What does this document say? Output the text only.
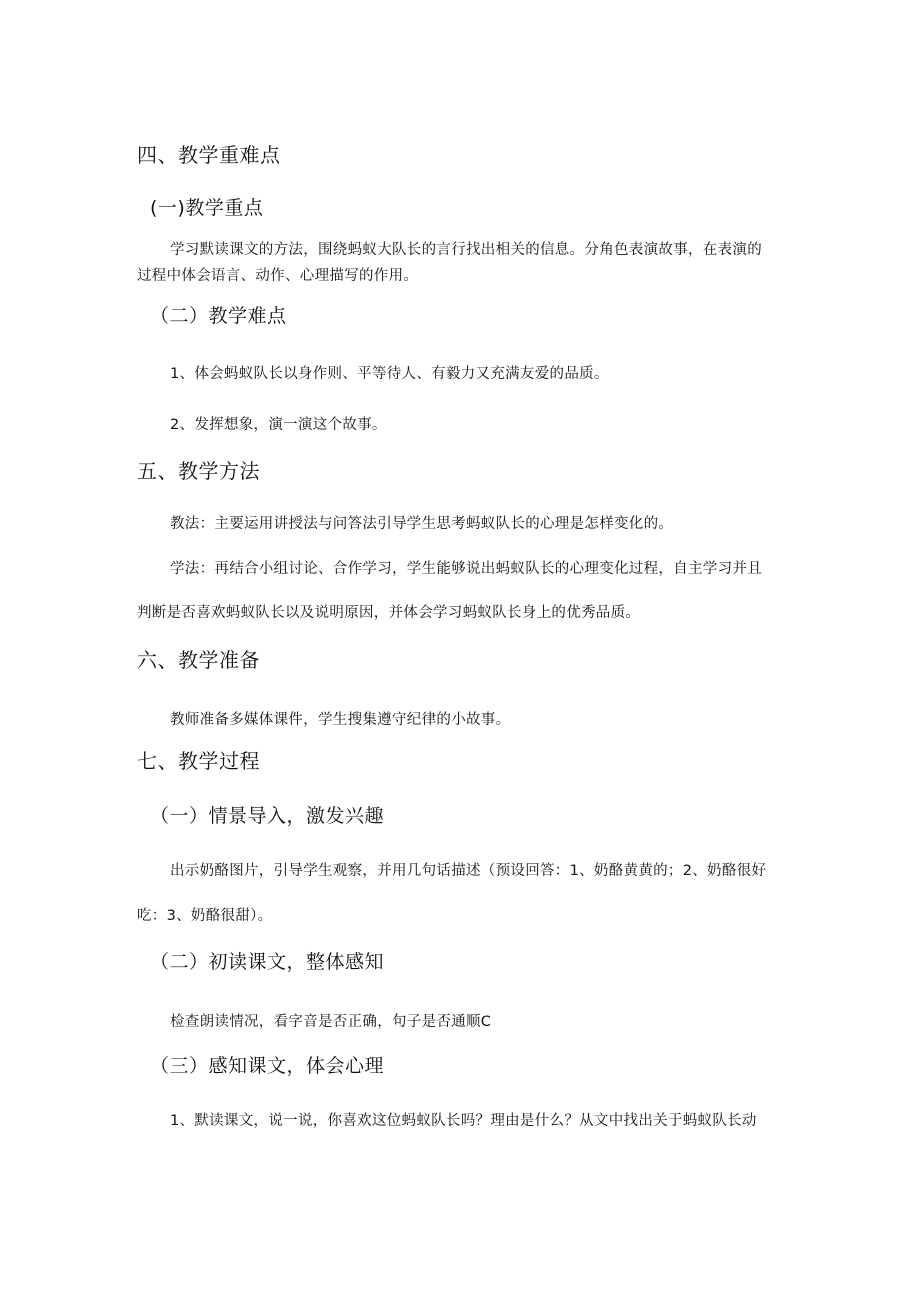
四、教学重难点
(一)教学重点
学习默读课文的方法，围绕蚂蚁大队长的言行找出相关的信息。分角色表演故事，在表演的
过程中体会语言、动作、心理描写的作用。
（二）教学难点
1、体会蚂蚁队长以身作则、平等待人、有毅力又充满友爱的品质。
2、发挥想象，演一演这个故事。
五、教学方法
教法：主要运用讲授法与问答法引导学生思考蚂蚁队长的心理是怎样变化的。
学法：再结合小组讨论、合作学习，学生能够说出蚂蚁队长的心理变化过程，自主学习并且
判断是否喜欢蚂蚁队长以及说明原因，并体会学习蚂蚁队长身上的优秀品质。
六、教学准备
教师准备多媒体课件，学生搜集遵守纪律的小故事。
七、教学过程
（一）情景导入，激发兴趣
出示奶酪图片，引导学生观察，并用几句话描述（预设回答：1、奶酪黄黄的；2、奶酪很好
吃：3、奶酪很甜）。
（二）初读课文，整体感知
检查朗读情况，看字音是否正确，句子是否通顺C
（三）感知课文，体会心理
1、默读课文，说一说，你喜欢这位蚂蚁队长吗？理由是什么？从文中找出关于蚂蚁队长动
